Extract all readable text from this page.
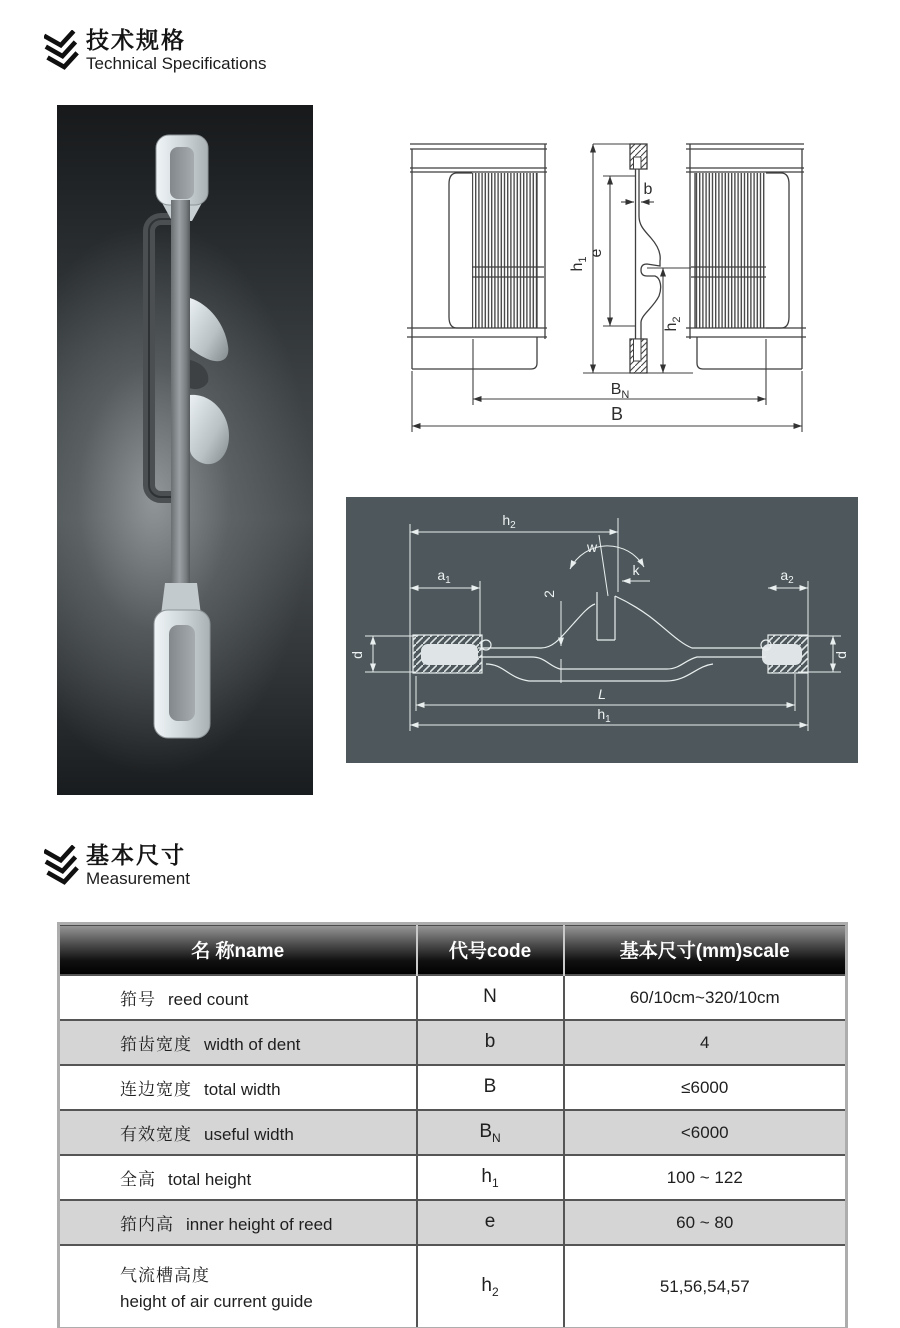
技术规格
Technical Specifications
$h_1$
e
b
$h_2$
$B_N$
B
$h_2$
w
k
$a_1$	$a_2$
2
d	d
L
$h_1$
基本尺寸
Measurement
名 称name	代号code	基本尺寸(mm)scale
筘号 reed count	N	60/10cm~320/10cm
筘齿宽度 width of dent	b	4
连边宽度 total width	B	≤6000
有效宽度 useful width	$B_N$	<6000
全高 total height	$h_1$	100 ~ 122
筘内高 inner height of reed	e	60 ~ 80

气流槽高度
height of air current guide	$h_2$	51,56,54,57
